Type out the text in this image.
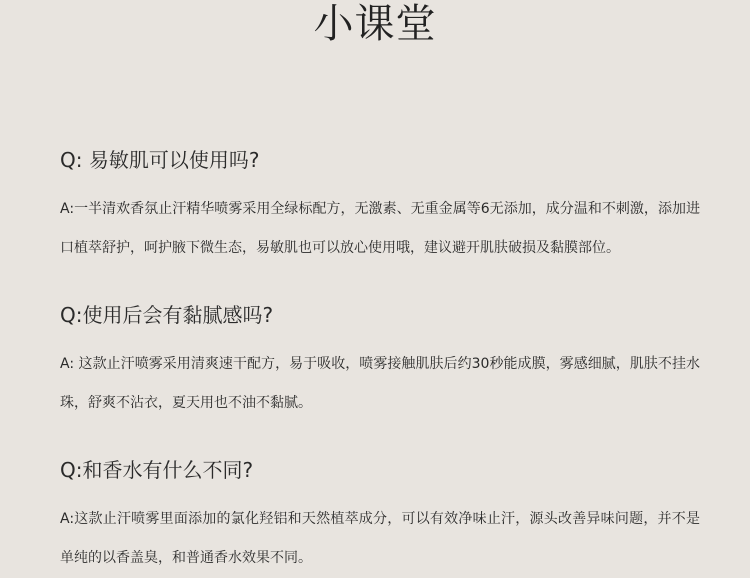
小课堂
Q: 易敏肌可以使用吗?
A:一半清欢香氛止汗精华喷雾采用全绿标配方，无激素、无重金属等6无添加，成分温和不刺激，添加进口植萃舒护，呵护腋下微生态，易敏肌也可以放心使用哦，建议避开肌肤破损及黏膜部位。
Q:使用后会有黏腻感吗?
A: 这款止汗喷雾采用清爽速干配方，易于吸收，喷雾接触肌肤后约30秒能成膜，雾感细腻，肌肤不挂水珠，舒爽不沾衣，夏天用也不油不黏腻。
Q:和香水有什么不同?
A:这款止汗喷雾里面添加的氯化羟铝和天然植萃成分，可以有效净味止汗，源头改善异味问题，并不是单纯的以香盖臭，和普通香水效果不同。
